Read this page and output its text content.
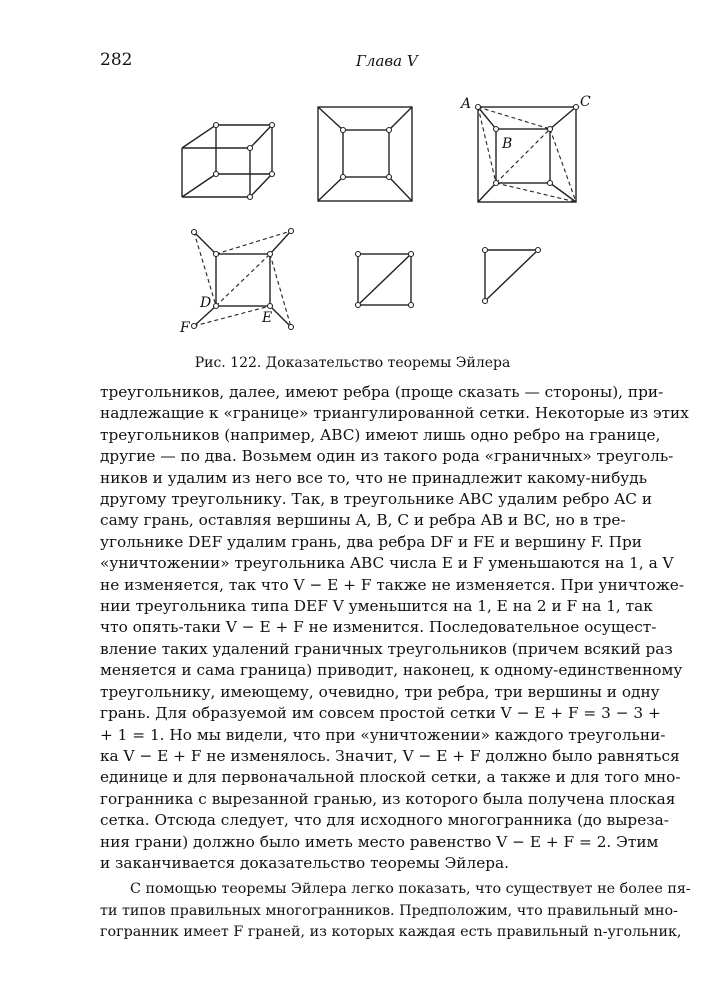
282	Глава V
A	C
B
D
E
F
Рис. 122. Доказательство теоремы Эйлера
треугольников, далее, имеют ребра (проще сказать — стороны), при-
надлежащие к «границе» триангулированной сетки. Некоторые из этих
треугольников (например, ABC) имеют лишь одно ребро на границе,
другие — по два. Возьмем один из такого рода «граничных» треуголь-
ников и удалим из него все то, что не принадлежит какому-нибудь
другому треугольнику. Так, в треугольнике ABC удалим ребро AC и
саму грань, оставляя вершины A, B, C и ребра AB и BC, но в тре-
угольнике DEF удалим грань, два ребра DF и FE и вершину F. При
«уничтожении» треугольника ABC числа E и F уменьшаются на 1, а V
не изменяется, так что V − E + F также не изменяется. При уничтоже-
нии треугольника типа DEF V уменьшится на 1, E на 2 и F на 1, так
что опять-таки V − E + F не изменится. Последовательное осущест-
вление таких удалений граничных треугольников (причем всякий раз
меняется и сама граница) приводит, наконец, к одному-единственному
треугольнику, имеющему, очевидно, три ребра, три вершины и одну
грань. Для образуемой им совсем простой сетки V − E + F = 3 − 3 +
+ 1 = 1. Но мы видели, что при «уничтожении» каждого треугольни-
ка V − E + F не изменялось. Значит, V − E + F должно было равняться
единице и для первоначальной плоской сетки, а также и для того мно-
гогранника с вырезанной гранью, из которого была получена плоская
сетка. Отсюда следует, что для исходного многогранника (до выреза-
ния грани) должно было иметь место равенство V − E + F = 2. Этим
и заканчивается доказательство теоремы Эйлера.
С помощью теоремы Эйлера легко показать, что существует не более пя-
ти типов правильных многогранников. Предположим, что правильный мно-
гогранник имеет F граней, из которых каждая есть правильный n-угольник,
